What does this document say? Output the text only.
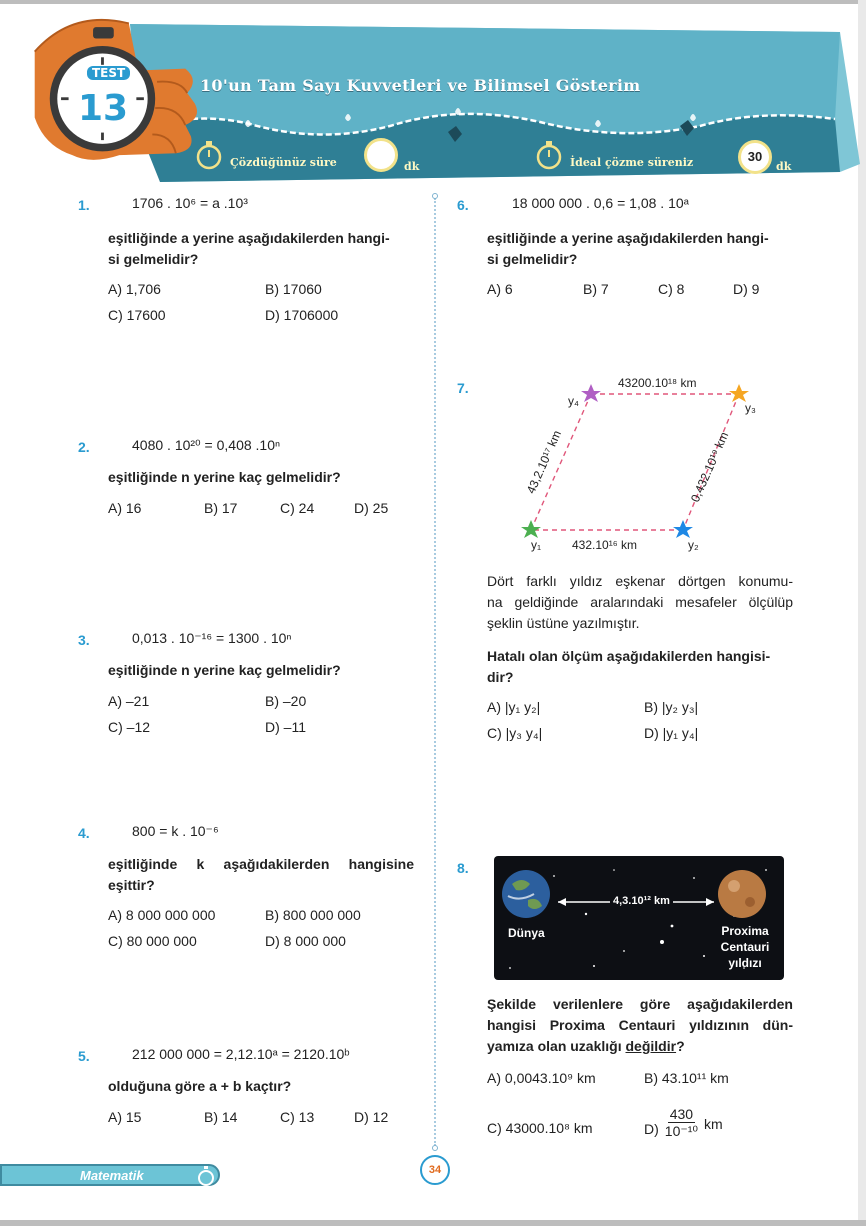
TEST
13
10'un Tam Sayı Kuvvetleri ve Bilimsel Gösterim
Çözdüğünüz süre	dk	İdeal çözme süreniz	30
dk
1.	1706 . 10⁶ = a .10³
eşitliğinde a yerine aşağıdakilerden hangi-
si gelmelidir?
A) 1,706	B) 17060
C) 17600	D) 1706000
2.	4080 . 10²⁰ = 0,408 .10ⁿ
eşitliğinde n yerine kaç gelmelidir?
A) 16	B) 17	C) 24	D) 25
3.	0,013 . 10⁻¹⁶ = 1300 . 10ⁿ
eşitliğinde n yerine kaç gelmelidir?
A) –21	B) –20
C) –12	D) –11
4.	800 = k . 10⁻⁶
eşitliğinde k aşağıdakilerden hangisine
eşittir?
A) 8 000 000 000	B) 800 000 000
C) 80 000 000	D) 8 000 000
5.	212 000 000 = 2,12.10ᵃ = 2120.10ᵇ
olduğuna göre a + b kaçtır?
A) 15	B) 14	C) 13	D) 12
6.	18 000 000 . 0,6 = 1,08 . 10ᵃ
eşitliğinde a yerine aşağıdakilerden hangi-
si gelmelidir?
A) 6	B) 7	C) 8	D) 9
7.	43200.10¹⁸ km
432.10¹⁶ km
43,2.10¹⁷ km	0,432.10¹⁹ km
y₁	y₂
y₃
y₄
Dört farklı yıldız eşkenar dörtgen konumu-
na geldiğinde aralarındaki mesafeler ölçülüp
şeklin üstüne yazılmıştır.
Hatalı olan ölçüm aşağıdakilerden hangisi-
dir?
A) |y₁ y₂|	B) |y₂ y₃|
C) |y₃ y₄|	D) |y₁ y₄|
8.
4,3.10¹² km
Dünya	Proxima
Centauri
yıldızı
Şekilde verilenlere göre aşağıdakilerden
hangisi Proxima Centauri yıldızının dün-
yamıza olan uzaklığı değildir?
A) 0,0043.10⁹ km	B) 43.10¹¹ km
C) 43000.10⁸ km	$D) \frac{430}{\text{10⁻¹⁰}}$ km
Matematik	34
